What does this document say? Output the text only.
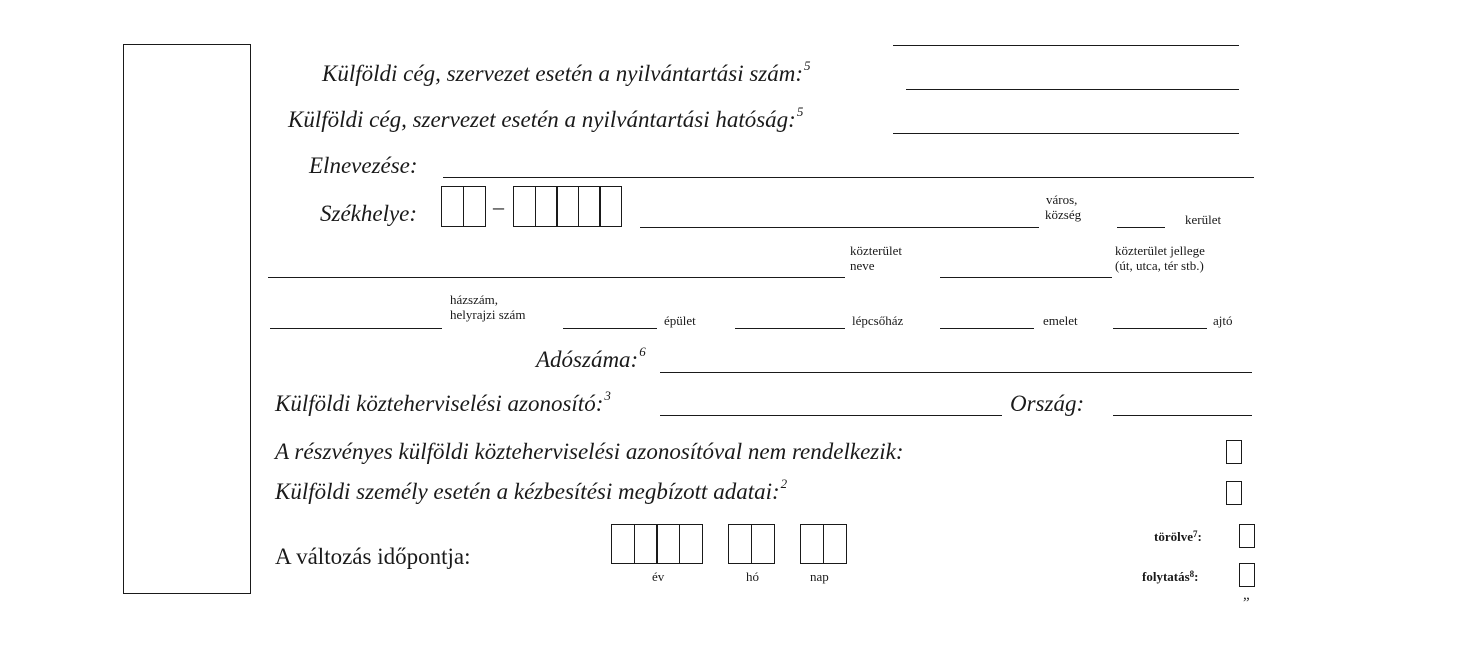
Külföldi cég, szervezet esetén a nyilvántartási szám:$^5$
Külföldi cég, szervezet esetén a nyilvántartási hatóság:$^5$
Elnevezése:
Székhelye:	–	város,
község	kerület
közterület
neve
közterület jellege
(út, utca, tér stb.)
házszám,
helyrajzi szám	épület	lépcsőház	emelet	ajtó
Adószáma:$^6$
Külföldi közteherviselési azonosító:$^3$	Ország:
A részvényes külföldi közteherviselési azonosítóval nem rendelkezik:
Külföldi személy esetén a kézbesítési megbízott adatai:$^2$
A változás időpontja:
év	hó	nap
törölve$^7$:
folytatás$^8$:
”
